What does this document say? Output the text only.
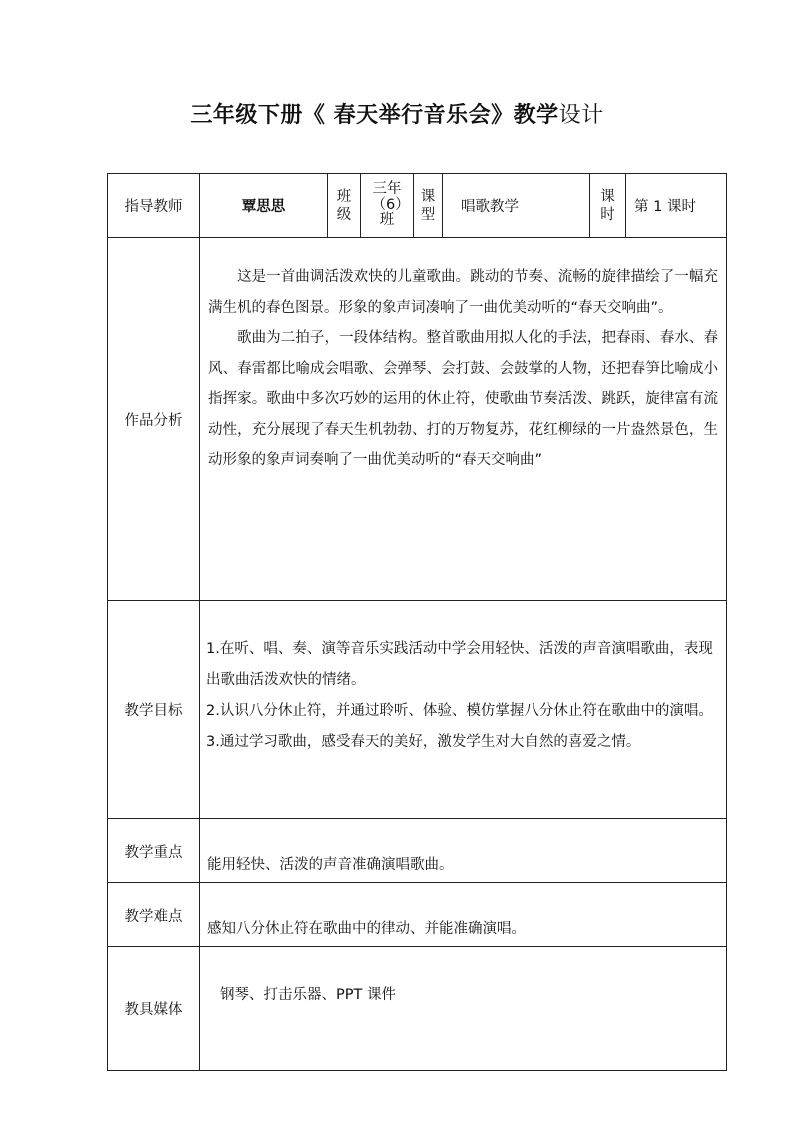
三年级下册《 春天举行音乐会》教学设计
指导教师	覃思思	班级	三年（6）班	课型	唱歌教学	课时	第 1 课时
作品分析	这是一首曲调活泼欢快的儿童歌曲。跳动的节奏、流畅的旋律描绘了一幅充满生机的春色图景。形象的象声词凑响了一曲优美动听的“春天交响曲”。

歌曲为二拍子，一段体结构。整首歌曲用拟人化的手法，把春雨、春水、春风、春雷都比喻成会唱歌、会弹琴、会打鼓、会鼓掌的人物，还把春笋比喻成小指挥家。歌曲中多次巧妙的运用的休止符，使歌曲节奏活泼、跳跃，旋律富有流动性，充分展现了春天生机勃勃、打的万物复苏，花红柳绿的一片盎然景色，生动形象的象声词奏响了一曲优美动听的“春天交响曲”						

教学目标	1.在听、唱、奏、演等音乐实践活动中学会用轻快、活泼的声音演唱歌曲，表现出歌曲活泼欢快的情绪。

2.认识八分休止符，并通过聆听、体验、模仿掌握八分休止符在歌曲中的演唱。

3.通过学习歌曲，感受春天的美好，激发学生对大自然的喜爱之情。						

教学重点	能用轻快、活泼的声音准确演唱歌曲。						
教学难点	感知八分休止符在歌曲中的律动、并能准确演唱。						
教具媒体	钢琴、打击乐器、PPT 课件						
